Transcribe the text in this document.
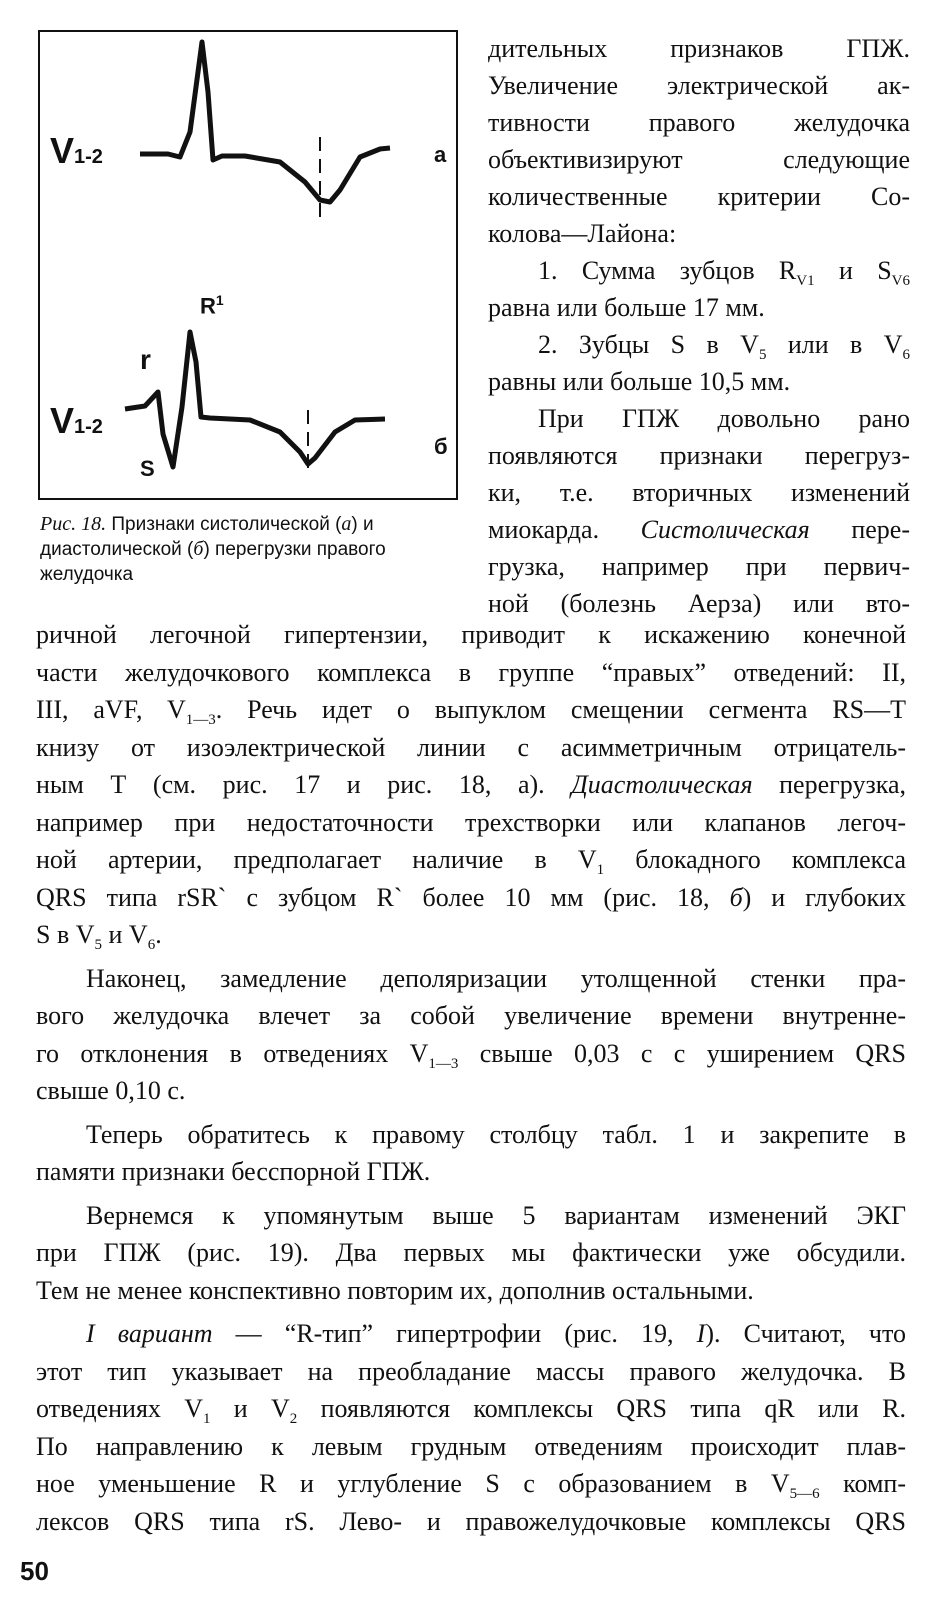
V1-2
V1-2
a
б
$R^1$
r
S
Рис. 18. Признаки систолической (а) и диастолической (б) перегрузки правого желудочка
дительных признаков ГПЖ.
Увеличение электрической ак-
тивности правого желудочка
объективизируют следующие
количественные критерии Со-
колова—Лайона:
1. Сумма зубцов $R_{V1}$ и $S_{V6}$
равна или больше 17 мм.
2. Зубцы S в $V_5$ или в $V_6$
равны или больше 10,5 мм.
При ГПЖ довольно рано
появляются признаки перегруз-
ки, т.е. вторичных изменений
миокарда. Систолическая пере-
грузка, например при первич-
ной (болезнь Аерза) или вто-
ричной легочной гипертензии, приводит к искажению конечной
части желудочкового комплекса в группе “правых” отведений: II,
III, aVF, $V_{1—3}$. Речь идет о выпуклом смещении сегмента RS—T
книзу от изоэлектрической линии с асимметричным отрицатель-
ным Т (см. рис. 17 и рис. 18, а). Диастолическая перегрузка,
например при недостаточности трехстворки или клапанов легоч-
ной артерии, предполагает наличие в $V_1$ блокадного комплекса
QRS типа rSR` с зубцом R` более 10 мм (рис. 18, б) и глубоких
S в $V_5$ и $V_6$.
Наконец, замедление деполяризации утолщенной стенки пра-
вого желудочка влечет за собой увеличение времени внутренне-
го отклонения в отведениях $V_{1—3}$ свыше 0,03 с с уширением QRS
свыше 0,10 с.
Теперь обратитесь к правому столбцу табл. 1 и закрепите в
памяти признаки бесспорной ГПЖ.
Вернемся к упомянутым выше 5 вариантам изменений ЭКГ
при ГПЖ (рис. 19). Два первых мы фактически уже обсудили.
Тем не менее конспективно повторим их, дополнив остальными.
I вариант — “R-тип” гипертрофии (рис. 19, I). Считают, что
этот тип указывает на преобладание массы правого желудочка. В
отведениях $V_1$ и $V_2$ появляются комплексы QRS типа qR или R.
По направлению к левым грудным отведениям происходит плав-
ное уменьшение R и углубление S с образованием в $V_{5—6}$ комп-
лексов QRS типа rS. Лево- и правожелудочковые комплексы QRS
50
